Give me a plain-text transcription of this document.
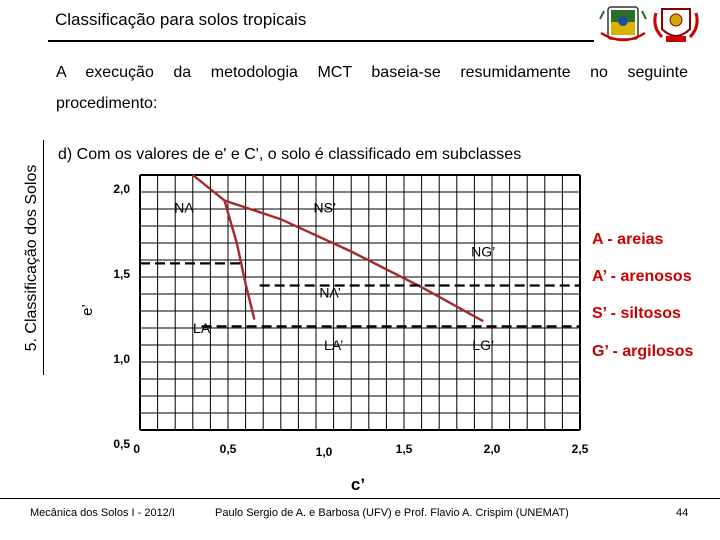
Classificação para solos tropicais
5. Classificação dos Solos
A execução da metodologia MCT baseia-se resumidamente no seguinte
procedimento:
d) Com os valores de e' e C', o solo é classificado em subclasses
0	0,5	1,0	1,5	2,0	2,5
2,0
1,5
1,0
0,5
NA	NS’
NG’
NA’
LA
LA’	LG’
c’
e’
A - areias
A’ - arenosos
S’ - siltosos
G’ - argilosos
Mecânica dos Solos I - 2012/I	Paulo Sergio de A. e Barbosa (UFV) e Prof. Flavio A. Crispim (UNEMAT)	44
